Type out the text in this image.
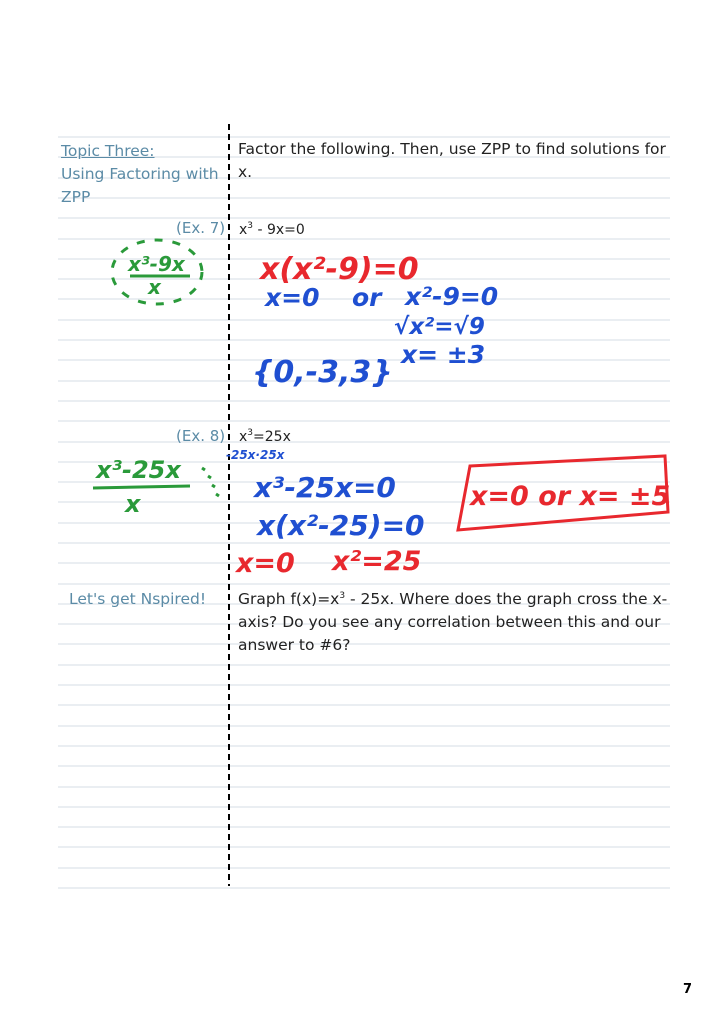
Topic Three:
Using Factoring with
ZPP
Factor the following. Then, use ZPP to find solutions for
x.
(Ex. 7) $x^3 - 9x=0$
(Ex. 8) $x^3=25x$
Let's get Nspired! Graph $f(x)=x^3 - 25x$. Where does the graph cross the x-
axis? Do you see any correlation between this and our
answer to #6?
x³-9x
x	x(x²-9)=0
x=0 or x²-9=0
√x²=√9
x= ±3
{0,-3,3}
x³-25x
x
-25x·25x
x³-25x=0
x(x²-25)=0
x=0 x²=25
x=0 or x= ±5
7
